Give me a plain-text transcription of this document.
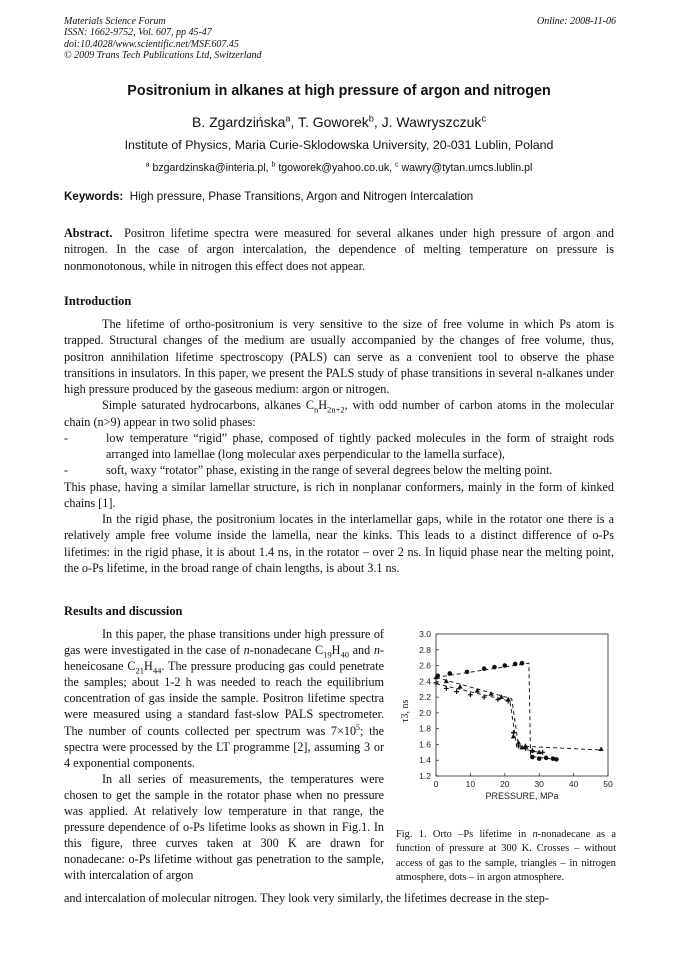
Materials Science Forum
ISSN: 1662-9752, Vol. 607, pp 45-47
doi:10.4028/www.scientific.net/MSF.607.45
© 2009 Trans Tech Publications Ltd, Switzerland
Online: 2008-11-06
Positronium in alkanes at high pressure of argon and nitrogen
B. Zgardzińska$^a$, T. Goworek$^b$, J. Wawryszczuk$^c$
Institute of Physics, Maria Curie-Sklodowska University, 20-031 Lublin, Poland
$^a$ bzgardzinska@interia.pl, $^b$ tgoworek@yahoo.co.uk, $^c$ wawry@tytan.umcs.lublin.pl
Keywords: High pressure, Phase Transitions, Argon and Nitrogen Intercalation
Abstract. Positron lifetime spectra were measured for several alkanes under high pressure of argon and nitrogen. In the case of argon intercalation, the dependence of melting temperature on pressure is nonmonotonous, while in nitrogen this effect does not appear.
Introduction

The lifetime of ortho-positronium is very sensitive to the size of free volume in which Ps atom is trapped. Structural changes of the medium are usually accompanied by the changes of free volume, thus, positron annihilation lifetime spectroscopy (PALS) can serve as a convenient tool to observe the phase transitions in insulators. In this paper, we present the PALS study of phase transitions in several n-alkanes under high pressure produced by the gaseous medium: argon or nitrogen.

Simple saturated hydrocarbons, alkanes $C_nH_{2n+2}$, with odd number of carbon atoms in the molecular chain (n>9) appear in two solid phases:

-	low temperature “rigid” phase, composed of tightly packed molecules in the form of straight rods arranged into lamellae (long molecular axes perpendicular to the lamella surface),
-	soft, waxy “rotator” phase, existing in the range of several degrees below the melting point.

This phase, having a similar lamellar structure, is rich in nonplanar conformers, mainly in the form of kinked chains [1].

In the rigid phase, the positronium locates in the interlamellar gaps, while in the rotator one there is a relatively ample free volume inside the lamella, near the kinks. This leads to a distinct difference of o-Ps lifetimes: in the rigid phase, it is about 1.4 ns, in the rotator – over 2 ns. In liquid phase near the melting point, the o-Ps lifetime, in the broad range of chain lengths, is about 3.1 ns.

Results and discussion

In this paper, the phase transitions under high pressure of gas were investigated in the case of n-nonadecane $C_{19}H_{40}$ and n-heneicosane $C_{21}H_{44}$. The pressure producing gas could penetrate the samples; about 1-2 h was needed to reach the equilibrium concentration of gas inside the sample. Positron lifetime spectra were measured using a standard fast-slow PALS spectrometer. The number of counts collected per spectrum was $7\times 10^5$; the spectra were processed by the LT programme [2], assuming 3 or 4 exponential components.

In all series of measurements, the temperatures were chosen to get the sample in the rotator phase when no pressure was applied. At relatively low temperature in that range, the pressure dependence of o-Ps lifetime looks as shown in Fig.1. In this figure, three curves taken at 300 K are drawn for nonadecane: o-Ps lifetime without gas penetration to the sample, with intercalation of argon

and intercalation of molecular nitrogen. They look very similarly, the lifetimes decrease in the step-
0	10	20	30	40	50
1.2
1.4
1.6
1.8
2.0
2.2
2.4
2.6
2.8
3.0
PRESSURE, MPa
τ3, ns
Fig. 1. Orto –Ps lifetime in n-nonadecane as a function of pressure at 300 K. Crosses – without access of gas to the sample, triangles – in nitrogen atmosphere, dots – in argon atmosphere.
